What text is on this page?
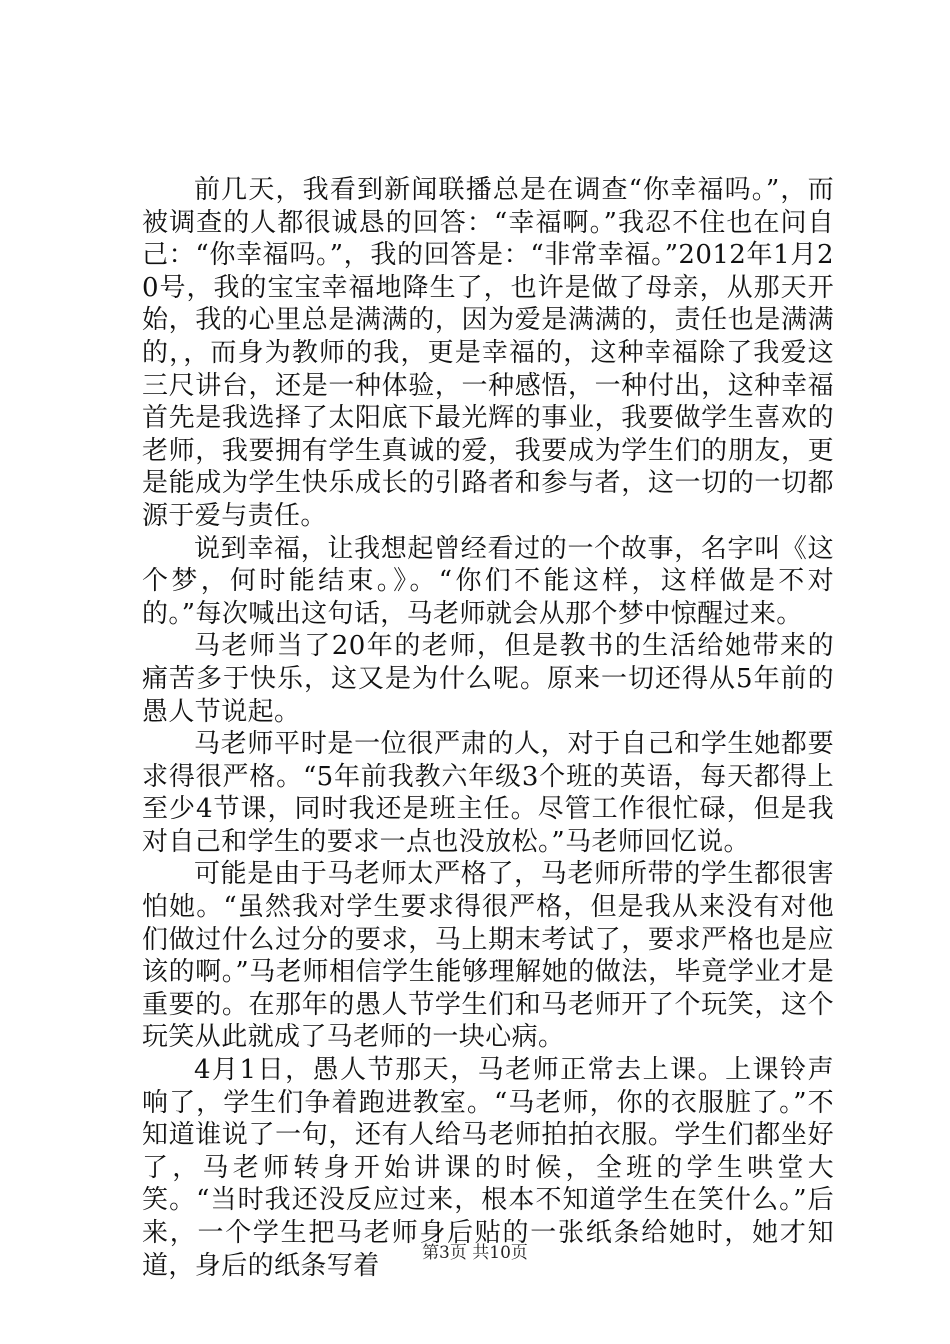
前几天，我看到新闻联播总是在调查“你幸福吗。”，而被调查的人都很诚恳的回答：“幸福啊。”我忍不住也在问自己：“你幸福吗。”，我的回答是：“非常幸福。”2012年1月20号，我的宝宝幸福地降生了，也许是做了母亲，从那天开始，我的心里总是满满的，因为爱是满满的，责任也是满满的，，而身为教师的我，更是幸福的，这种幸福除了我爱这三尺讲台，还是一种体验，一种感悟，一种付出，这种幸福首先是我选择了太阳底下最光辉的事业，我要做学生喜欢的老师，我要拥有学生真诚的爱，我要成为学生们的朋友，更是能成为学生快乐成长的引路者和参与者，这一切的一切都源于爱与责任。

说到幸福，让我想起曾经看过的一个故事，名字叫《这个梦，何时能结束。》。“你们不能这样，这样做是不对的。”每次喊出这句话，马老师就会从那个梦中惊醒过来。

马老师当了20年的老师，但是教书的生活给她带来的痛苦多于快乐，这又是为什么呢。原来一切还得从5年前的愚人节说起。

马老师平时是一位很严肃的人，对于自己和学生她都要求得很严格。“5年前我教六年级3个班的英语，每天都得上至少4节课，同时我还是班主任。尽管工作很忙碌，但是我对自己和学生的要求一点也没放松。”马老师回忆说。

可能是由于马老师太严格了，马老师所带的学生都很害怕她。“虽然我对学生要求得很严格，但是我从来没有对他们做过什么过分的要求，马上期末考试了，要求严格也是应该的啊。”马老师相信学生能够理解她的做法，毕竟学业才是重要的。在那年的愚人节学生们和马老师开了个玩笑，这个玩笑从此就成了马老师的一块心病。

4月1日，愚人节那天，马老师正常去上课。上课铃声响了，学生们争着跑进教室。“马老师，你的衣服脏了。”不知道谁说了一句，还有人给马老师拍拍衣服。学生们都坐好了，马老师转身开始讲课的时候，全班的学生哄堂大笑。“当时我还没反应过来，根本不知道学生在笑什么。”后来，一个学生把马老师身后贴的一张纸条给她时，她才知道，身后的纸条写着	第3页 共10页
